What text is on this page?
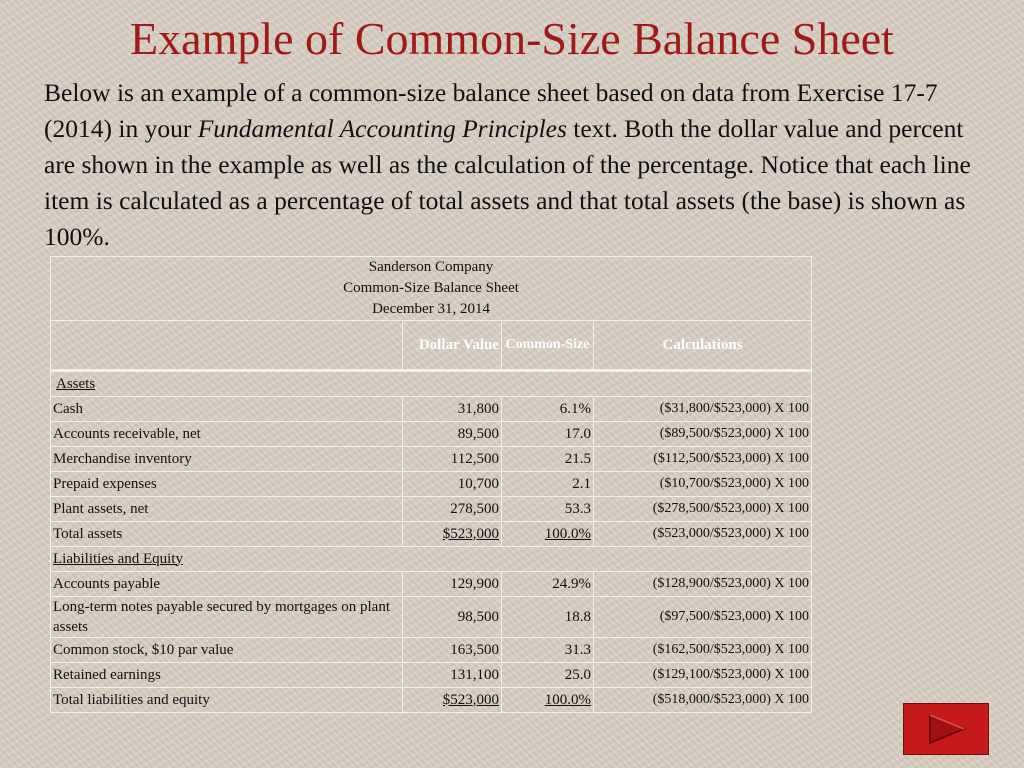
Example of Common-Size Balance Sheet
Below is an example of a common-size balance sheet based on data from Exercise 17-7 (2014) in your Fundamental Accounting Principles text. Both the dollar value and percent are shown in the example as well as the calculation of the percentage. Notice that each line item is calculated as a percentage of total assets and that total assets (the base) is shown as 100%.
Sanderson Company
Common-Size Balance Sheet
December 31, 2014			

	Dollar Value	Common-Size	Calculations
Assets			
Cash	31,800	6.1%	($31,800/$523,000) X 100
Accounts receivable, net	89,500	17.0	($89,500/$523,000) X 100
Merchandise inventory	112,500	21.5	($112,500/$523,000) X 100
Prepaid expenses	10,700	2.1	($10,700/$523,000) X 100
Plant assets, net	278,500	53.3	($278,500/$523,000) X 100
Total assets	$523,000	100.0%	($523,000/$523,000) X 100
Liabilities and Equity			
Accounts payable	129,900	24.9%	($128,900/$523,000) X 100
Long-term notes payable secured by mortgages on plant assets	98,500	18.8	($97,500/$523,000) X 100
Common stock, $10 par value	163,500	31.3	($162,500/$523,000) X 100
Retained earnings	131,100	25.0	($129,100/$523,000) X 100
Total liabilities and equity	$523,000	100.0%	($518,000/$523,000) X 100
